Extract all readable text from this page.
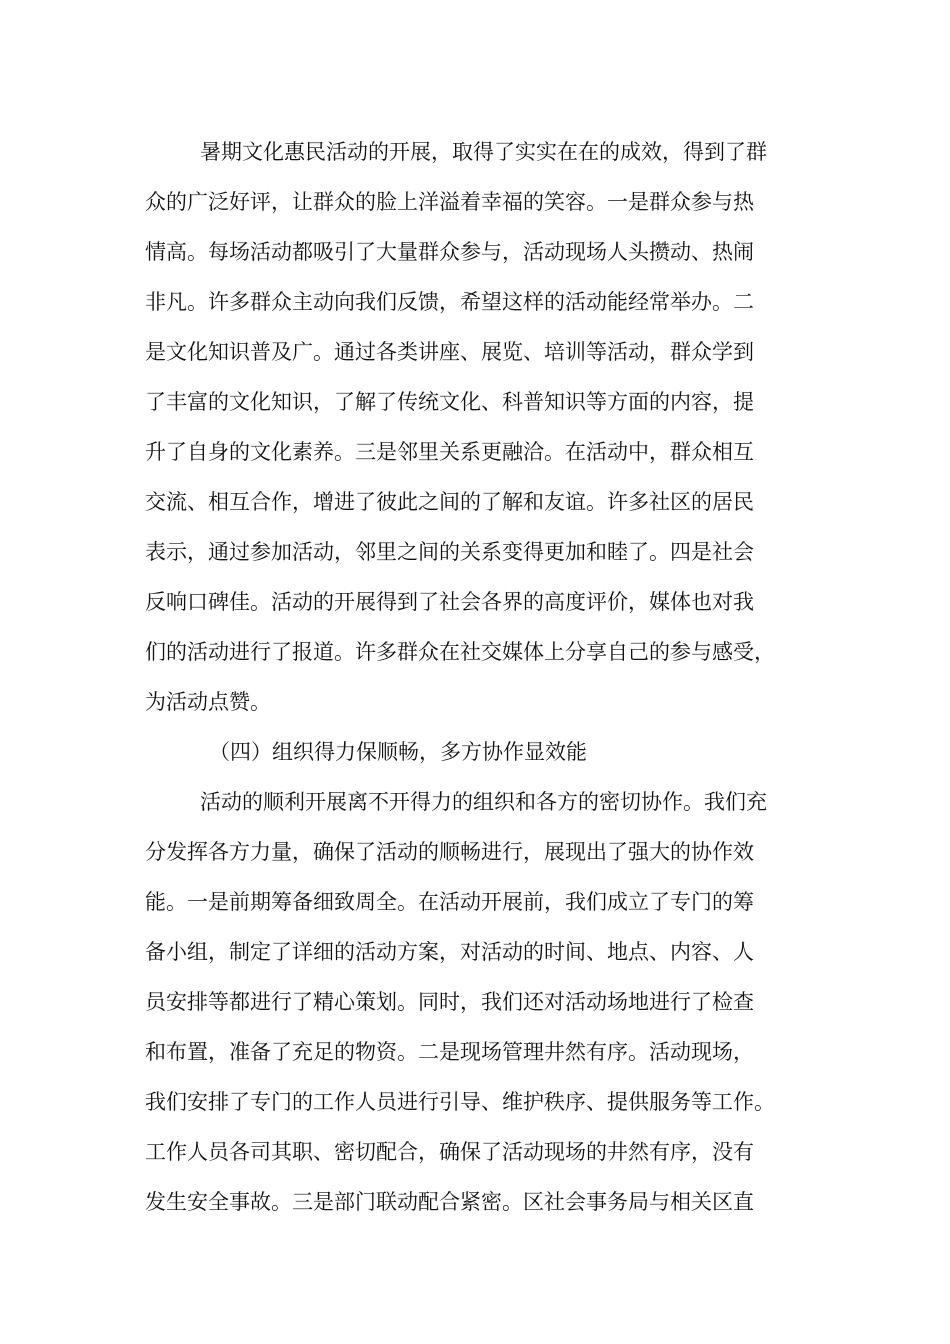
暑期文化惠民活动的开展，取得了实实在在的成效，得到了群
众的广泛好评，让群众的脸上洋溢着幸福的笑容。一是群众参与热
情高。每场活动都吸引了大量群众参与，活动现场人头攒动、热闹
非凡。许多群众主动向我们反馈，希望这样的活动能经常举办。二
是文化知识普及广。通过各类讲座、展览、培训等活动，群众学到
了丰富的文化知识，了解了传统文化、科普知识等方面的内容，提
升了自身的文化素养。三是邻里关系更融洽。在活动中，群众相互
交流、相互合作，增进了彼此之间的了解和友谊。许多社区的居民
表示，通过参加活动，邻里之间的关系变得更加和睦了。四是社会
反响口碑佳。活动的开展得到了社会各界的高度评价，媒体也对我
们的活动进行了报道。许多群众在社交媒体上分享自己的参与感受，
为活动点赞。
（四）组织得力保顺畅，多方协作显效能
活动的顺利开展离不开得力的组织和各方的密切协作。我们充
分发挥各方力量，确保了活动的顺畅进行，展现出了强大的协作效
能。一是前期筹备细致周全。在活动开展前，我们成立了专门的筹
备小组，制定了详细的活动方案，对活动的时间、地点、内容、人
员安排等都进行了精心策划。同时，我们还对活动场地进行了检查
和布置，准备了充足的物资。二是现场管理井然有序。活动现场，
我们安排了专门的工作人员进行引导、维护秩序、提供服务等工作。
工作人员各司其职、密切配合，确保了活动现场的井然有序，没有
发生安全事故。三是部门联动配合紧密。区社会事务局与相关区直
